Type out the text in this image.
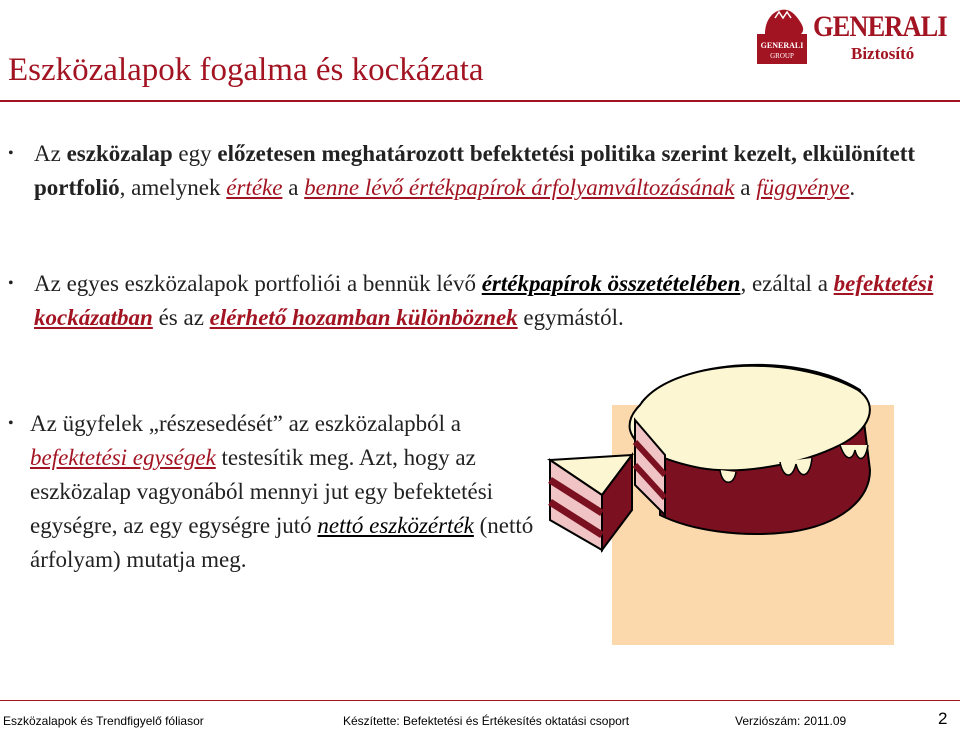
Eszközalapok fogalma és kockázata
GENERALI
GROUP
GENERALI
Biztosító
• Az eszközalap egy előzetesen meghatározott befektetési politika szerint kezelt, elkülönített portfolió, amelynek értéke a benne lévő értékpapírok árfolyamváltozásának a függvénye.
• Az egyes eszközalapok portfoliói a bennük lévő értékpapírok összetételében, ezáltal a befektetési kockázatban és az elérhető hozamban különböznek egymástól.
• Az ügyfelek „részesedését” az eszközalapból a befektetési egységek testesítik meg. Azt, hogy az eszközalap vagyonából mennyi jut egy befektetési egységre, az egy egységre jutó nettó eszközérték (nettó árfolyam) mutatja meg.
Eszközalapok és Trendfigyelő fóliasor	Készítette: Befektetési és Értékesítés oktatási csoport	Verziószám: 2011.09	2
